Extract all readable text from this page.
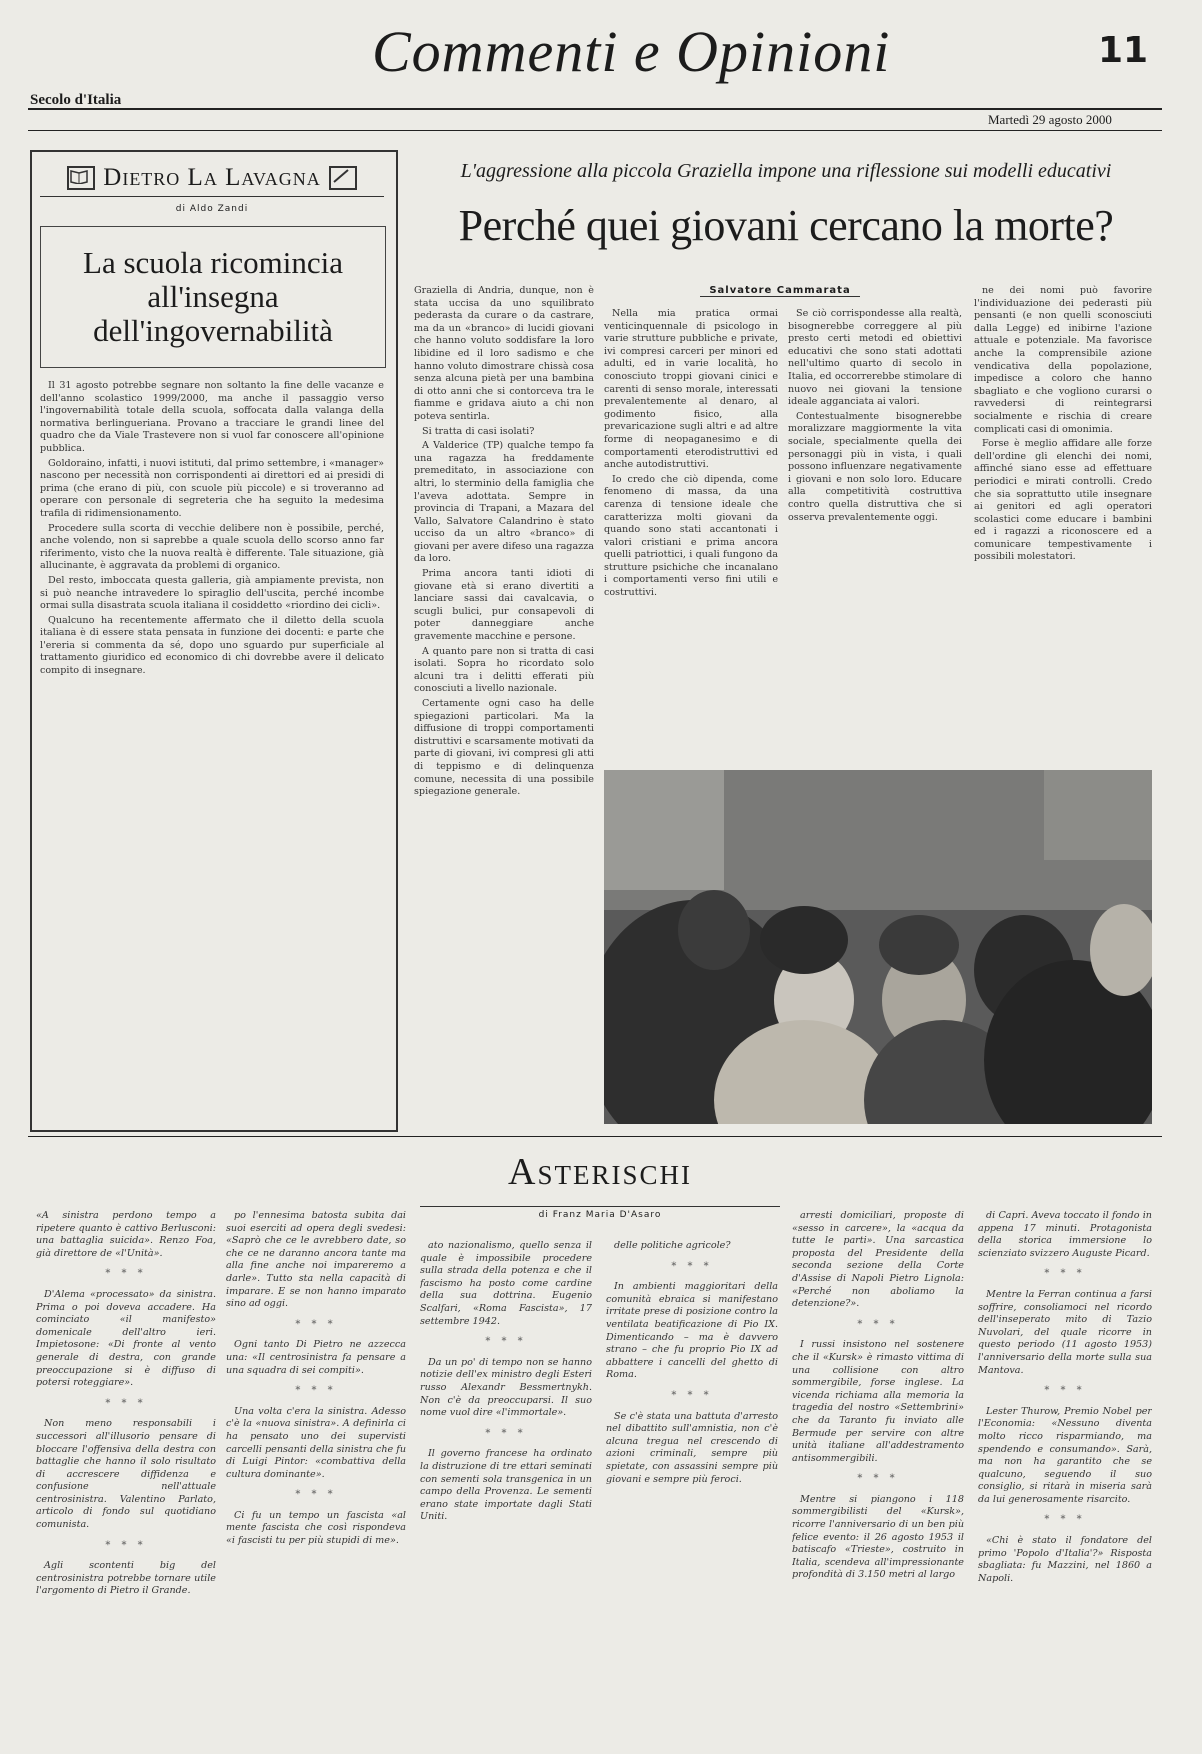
Secolo d'Italia
Commenti e Opinioni	11
Martedì 29 agosto 2000
Dietro La Lavagna
di Aldo Zandi
La scuola ricomincia all'insegna dell'ingovernabilità

Il 31 agosto potrebbe segnare non soltanto la fine delle vacanze e dell'anno scolastico 1999/2000, ma anche il passaggio verso l'ingovernabilità totale della scuola, soffocata dalla valanga della normativa berlingueriana. Provano a tracciare le grandi linee del quadro che da Viale Trastevere non si vuol far conoscere all'opinione pubblica.

Goldoraino, infatti, i nuovi istituti, dal primo settembre, i «manager» nascono per necessità non corrispondenti ai direttori ed ai presidi di prima (che erano di più, con scuole più piccole) e si troveranno ad operare con personale di segreteria che ha seguito la medesima trafila di ridimensionamento.

Procedere sulla scorta di vecchie delibere non è possibile, perché, anche volendo, non si saprebbe a quale scuola dello scorso anno far riferimento, visto che la nuova realtà è differente. Tale situazione, già allucinante, è aggravata da problemi di organico.

Del resto, imboccata questa galleria, già ampiamente prevista, non si può neanche intravedere lo spiraglio dell'uscita, perché incombe ormai sulla disastrata scuola italiana il cosiddetto «riordino dei cicli».

Qualcuno ha recentemente affermato che il diletto della scuola italiana è di essere stata pensata in funzione dei docenti: e parte che l'ereria si commenta da sé, dopo uno sguardo pur superficiale al trattamento giuridico ed economico di chi dovrebbe avere il delicato compito di insegnare.

L'aggressione alla piccola Graziella impone una riflessione sui modelli educativi
Perché quei giovani cercano la morte?
Salvatore Cammarata

Graziella di Andria, dunque, non è stata uccisa da uno squilibrato pederasta da curare o da castrare, ma da un «branco» di lucidi giovani che hanno voluto soddisfare la loro libidine ed il loro sadismo e che hanno voluto dimostrare chissà cosa senza alcuna pietà per una bambina di otto anni che si contorceva tra le fiamme e gridava aiuto a chi non poteva sentirla.

Si tratta di casi isolati?

A Valderice (TP) qualche tempo fa una ragazza ha freddamente premeditato, in associazione con altri, lo sterminio della famiglia che l'aveva adottata. Sempre in provincia di Trapani, a Mazara del Vallo, Salvatore Calandrino è stato ucciso da un altro «branco» di giovani per avere difeso una ragazza da loro.

Prima ancora tanti idioti di giovane età si erano divertiti a lanciare sassi dai cavalcavia, o scugli bulici, pur consapevoli di poter danneggiare anche gravemente macchine e persone.

A quanto pare non si tratta di casi isolati. Sopra ho ricordato solo alcuni tra i delitti efferati più conosciuti a livello nazionale.

Certamente ogni caso ha delle spiegazioni particolari. Ma la diffusione di troppi comportamenti distruttivi e scarsamente motivati da parte di giovani, ivi compresi gli atti di teppismo e di delinquenza comune, necessita di una possibile spiegazione generale.

Nella mia pratica ormai venticinquennale di psicologo in varie strutture pubbliche e private, ivi compresi carceri per minori ed adulti, ed in varie località, ho conosciuto troppi giovani cinici e carenti di senso morale, interessati prevalentemente al denaro, al godimento fisico, alla prevaricazione sugli altri e ad altre forme di neopaganesimo e di comportamenti eterodistruttivi ed anche autodistruttivi.

Io credo che ciò dipenda, come fenomeno di massa, da una carenza di tensione ideale che caratterizza molti giovani da quando sono stati accantonati i valori cristiani e prima ancora quelli patriottici, i quali fungono da strutture psichiche che incanalano i comportamenti verso fini utili e costruttivi.

Se ciò corrispondesse alla realtà, bisognerebbe correggere al più presto certi metodi ed obiettivi educativi che sono stati adottati nell'ultimo quarto di secolo in Italia, ed occorrerebbe stimolare di nuovo nei giovani la tensione ideale agganciata ai valori.

Contestualmente bisognerebbe moralizzare maggiormente la vita sociale, specialmente quella dei personaggi più in vista, i quali possono influenzare negativamente i giovani e non solo loro. Educare alla competitività costruttiva contro quella distruttiva che si osserva prevalentemente oggi.

ne dei nomi può favorire l'individuazione dei pederasti più pensanti (e non quelli sconosciuti dalla Legge) ed inibirne l'azione attuale e potenziale. Ma favorisce anche la comprensibile azione vendicativa della popolazione, impedisce a coloro che hanno sbagliato e che vogliono curarsi o ravvedersi di reintegrarsi socialmente e rischia di creare complicati casi di omonimia.

Forse è meglio affidare alle forze dell'ordine gli elenchi dei nomi, affinché siano esse ad effettuare periodici e mirati controlli. Credo che sia soprattutto utile insegnare ai genitori ed agli operatori scolastici come educare i bambini ed i ragazzi a riconoscere ed a comunicare tempestivamente i possibili molestatori.

Asterischi
di Franz Maria D'Asaro

«A sinistra perdono tempo a ripetere quanto è cattivo Berlusconi: una battaglia suicida». Renzo Foa, già direttore de «l'Unità».

* * *

D'Alema «processato» da sinistra. Prima o poi doveva accadere. Ha cominciato «il manifesto» domenicale dell'altro ieri. Impietosone: «Di fronte al vento generale di destra, con grande preoccupazione si è diffuso di potersi roteggiare».

* * *

Non meno responsabili i successori all'illusorio pensare di bloccare l'offensiva della destra con battaglie che hanno il solo risultato di accrescere diffidenza e confusione nell'attuale centrosinistra. Valentino Parlato, articolo di fondo sul quotidiano comunista.

* * *

Agli scontenti big del centrosinistra potrebbe tornare utile l'argomento di Pietro il Grande.

po l'ennesima batosta subita dai suoi eserciti ad opera degli svedesi: «Saprò che ce le avrebbero date, so che ce ne daranno ancora tante ma alla fine anche noi impareremo a darle». Tutto sta nella capacità di imparare. E se non hanno imparato sino ad oggi.

* * *

Ogni tanto Di Pietro ne azzecca una: «Il centrosinistra fa pensare a una squadra di sei compiti».

* * *

Una volta c'era la sinistra. Adesso c'è la «nuova sinistra». A definirla ci ha pensato uno dei supervisti carcelli pensanti della sinistra che fu di Luigi Pintor: «combattiva della cultura dominante».

* * *

Ci fu un tempo un fascista «al mente fascista che così rispondeva «i fascisti tu per più stupidi di me».

ato nazionalismo, quello senza il quale è impossibile procedere sulla strada della potenza e che il fascismo ha posto come cardine della sua dottrina. Eugenio Scalfari, «Roma Fascista», 17 settembre 1942.

* * *

Da un po' di tempo non se hanno notizie dell'ex ministro degli Esteri russo Alexandr Bessmertnykh. Non c'è da preoccuparsi. Il suo nome vuol dire «l'immortale».

* * *

Il governo francese ha ordinato la distruzione di tre ettari seminati con sementi sola transgenica in un campo della Provenza. Le sementi erano state importate dagli Stati Uniti.

delle politiche agricole?

* * *

In ambienti maggioritari della comunità ebraica si manifestano irritate prese di posizione contro la ventilata beatificazione di Pio IX. Dimenticando – ma è davvero strano – che fu proprio Pio IX ad abbattere i cancelli del ghetto di Roma.

* * *

Se c'è stata una battuta d'arresto nel dibattito sull'amnistia, non c'è alcuna tregua nel crescendo di azioni criminali, sempre più spietate, con assassini sempre più giovani e sempre più feroci.

arresti domiciliari, proposte di «sesso in carcere», la «acqua da tutte le parti». Una sarcastica proposta del Presidente della seconda sezione della Corte d'Assise di Napoli Pietro Lignola: «Perché non aboliamo la detenzione?».

* * *

I russi insistono nel sostenere che il «Kursk» è rimasto vittima di una collisione con altro sommergibile, forse inglese. La vicenda richiama alla memoria la tragedia del nostro «Settembrini» che da Taranto fu inviato alle Bermude per servire con altre unità italiane all'addestramento antisommergibili.

* * *

Mentre si piangono i 118 sommergibilisti del «Kursk», ricorre l'anniversario di un ben più felice evento: il 26 agosto 1953 il batiscafo «Trieste», costruito in Italia, scendeva all'impressionante profondità di 3.150 metri al largo

di Capri. Aveva toccato il fondo in appena 17 minuti. Protagonista della storica immersione lo scienziato svizzero Auguste Picard.

* * *

Mentre la Ferran continua a farsi soffrire, consoliamoci nel ricordo dell'inseperato mito di Tazio Nuvolari, del quale ricorre in questo periodo (11 agosto 1953) l'anniversario della morte sulla sua Mantova.

* * *

Lester Thurow, Premio Nobel per l'Economia: «Nessuno diventa molto ricco risparmiando, ma spendendo e consumando». Sarà, ma non ha garantito che se qualcuno, seguendo il suo consiglio, si ritarà in miseria sarà da lui generosamente risarcito.

* * *

«Chi è stato il fondatore del primo 'Popolo d'Italia'?» Risposta sbagliata: fu Mazzini, nel 1860 a Napoli.
